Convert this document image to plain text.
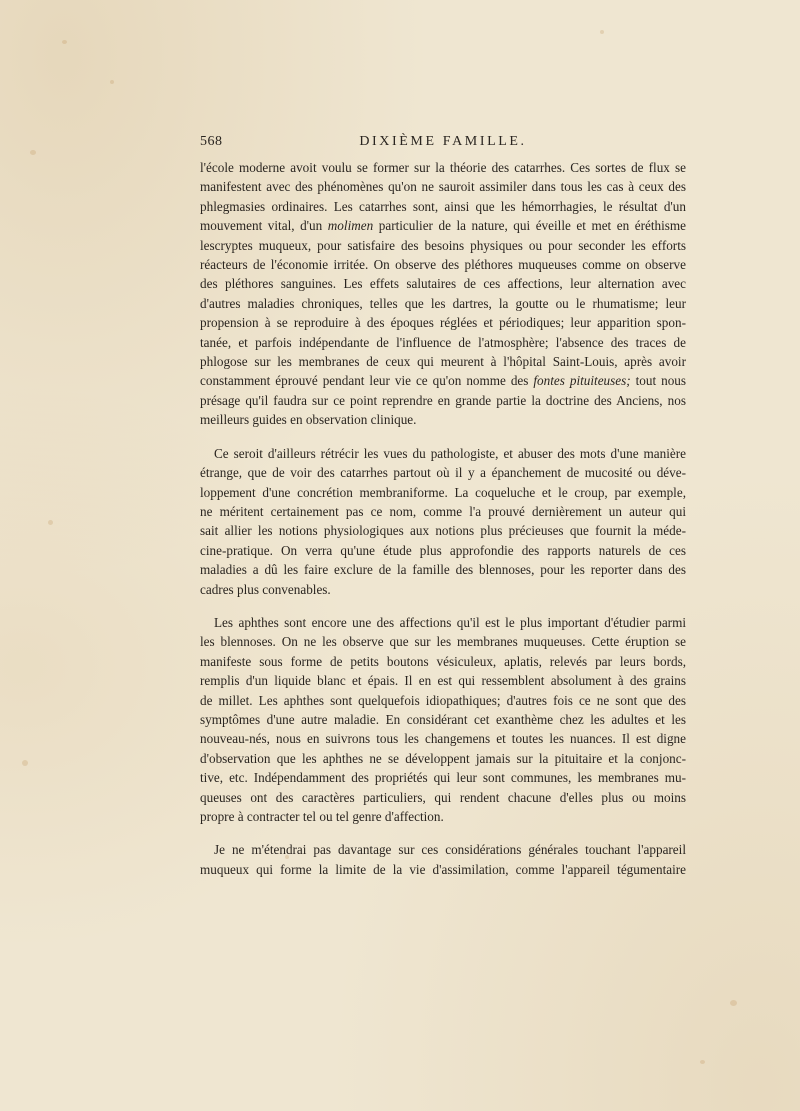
568	DIXIÈME FAMILLE.
l'école moderne avoit voulu se former sur la théorie des catarrhes. Ces sortes de flux se
manifestent avec des phénomènes qu'on ne sauroit assimiler dans tous les cas à ceux des
phlegmasies ordinaires. Les catarrhes sont, ainsi que les hémorrhagies, le résultat d'un
mouvement vital, d'un molimen particulier de la nature, qui éveille et met en éréthisme
lescryptes muqueux, pour satisfaire des besoins physiques ou pour seconder les efforts
réacteurs de l'économie irritée. On observe des pléthores muqueuses comme on observe
des pléthores sanguines. Les effets salutaires de ces affections, leur alternation avec
d'autres maladies chroniques, telles que les dartres, la goutte ou le rhumatisme; leur
propension à se reproduire à des époques réglées et périodiques; leur apparition spon-
tanée, et parfois indépendante de l'influence de l'atmosphère; l'absence des traces de
phlogose sur les membranes de ceux qui meurent à l'hôpital Saint-Louis, après avoir
constamment éprouvé pendant leur vie ce qu'on nomme des fontes pituiteuses; tout nous
présage qu'il faudra sur ce point reprendre en grande partie la doctrine des Anciens, nos
meilleurs guides en observation clinique.
Ce seroit d'ailleurs rétrécir les vues du pathologiste, et abuser des mots d'une manière
étrange, que de voir des catarrhes partout où il y a épanchement de mucosité ou déve-
loppement d'une concrétion membraniforme. La coqueluche et le croup, par exemple,
ne méritent certainement pas ce nom, comme l'a prouvé dernièrement un auteur qui
sait allier les notions physiologiques aux notions plus précieuses que fournit la méde-
cine-pratique. On verra qu'une étude plus approfondie des rapports naturels de ces
maladies a dû les faire exclure de la famille des blennoses, pour les reporter dans des
cadres plus convenables.
Les aphthes sont encore une des affections qu'il est le plus important d'étudier parmi
les blennoses. On ne les observe que sur les membranes muqueuses. Cette éruption se
manifeste sous forme de petits boutons vésiculeux, aplatis, relevés par leurs bords,
remplis d'un liquide blanc et épais. Il en est qui ressemblent absolument à des grains
de millet. Les aphthes sont quelquefois idiopathiques; d'autres fois ce ne sont que des
symptômes d'une autre maladie. En considérant cet exanthème chez les adultes et les
nouveau-nés, nous en suivrons tous les changemens et toutes les nuances. Il est digne
d'observation que les aphthes ne se développent jamais sur la pituitaire et la conjonc-
tive, etc. Indépendamment des propriétés qui leur sont communes, les membranes mu-
queuses ont des caractères particuliers, qui rendent chacune d'elles plus ou moins
propre à contracter tel ou tel genre d'affection.
Je ne m'étendrai pas davantage sur ces considérations générales touchant l'appareil
muqueux qui forme la limite de la vie d'assimilation, comme l'appareil tégumentaire
